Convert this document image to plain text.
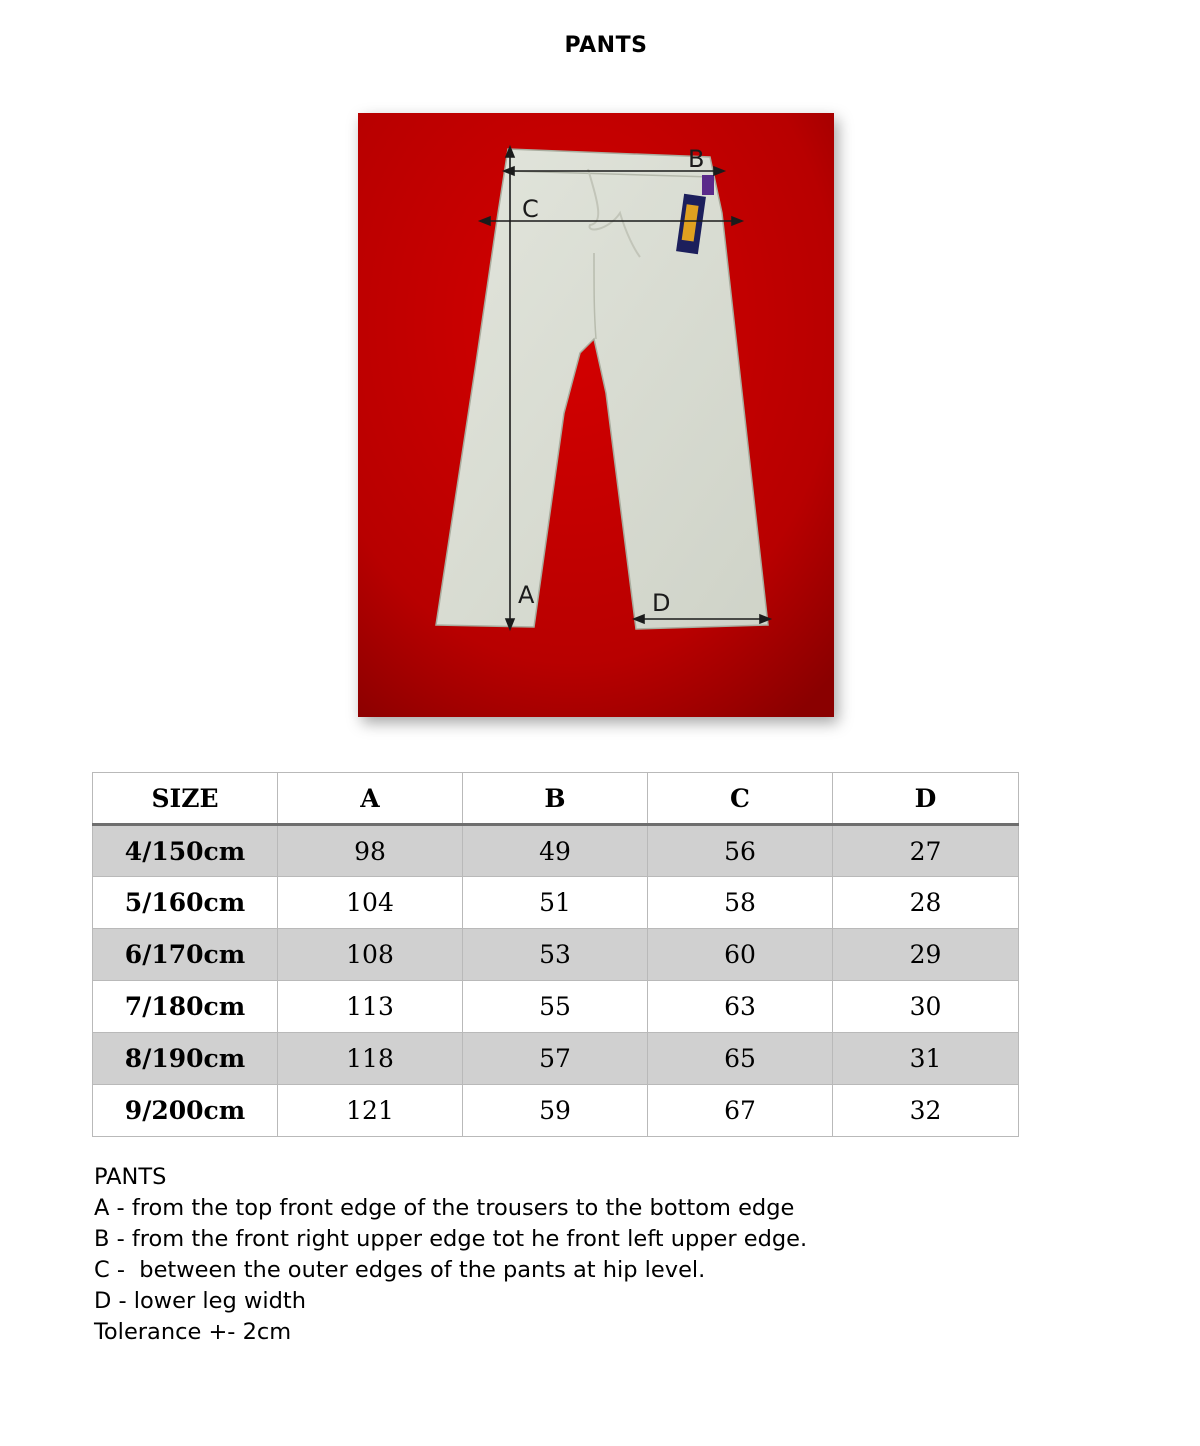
PANTS
B
C
A	D
SIZE	A	B	C	D
4/150cm	98	49	56	27
5/160cm	104	51	58	28
6/170cm	108	53	60	29
7/180cm	113	55	63	30
8/190cm	118	57	65	31
9/200cm	121	59	67	32
PANTS
A - from the top front edge of the trousers to the bottom edge
B - from the front right upper edge tot he front left upper edge.
C -  between the outer edges of the pants at hip level.
D - lower leg width
Tolerance +- 2cm
